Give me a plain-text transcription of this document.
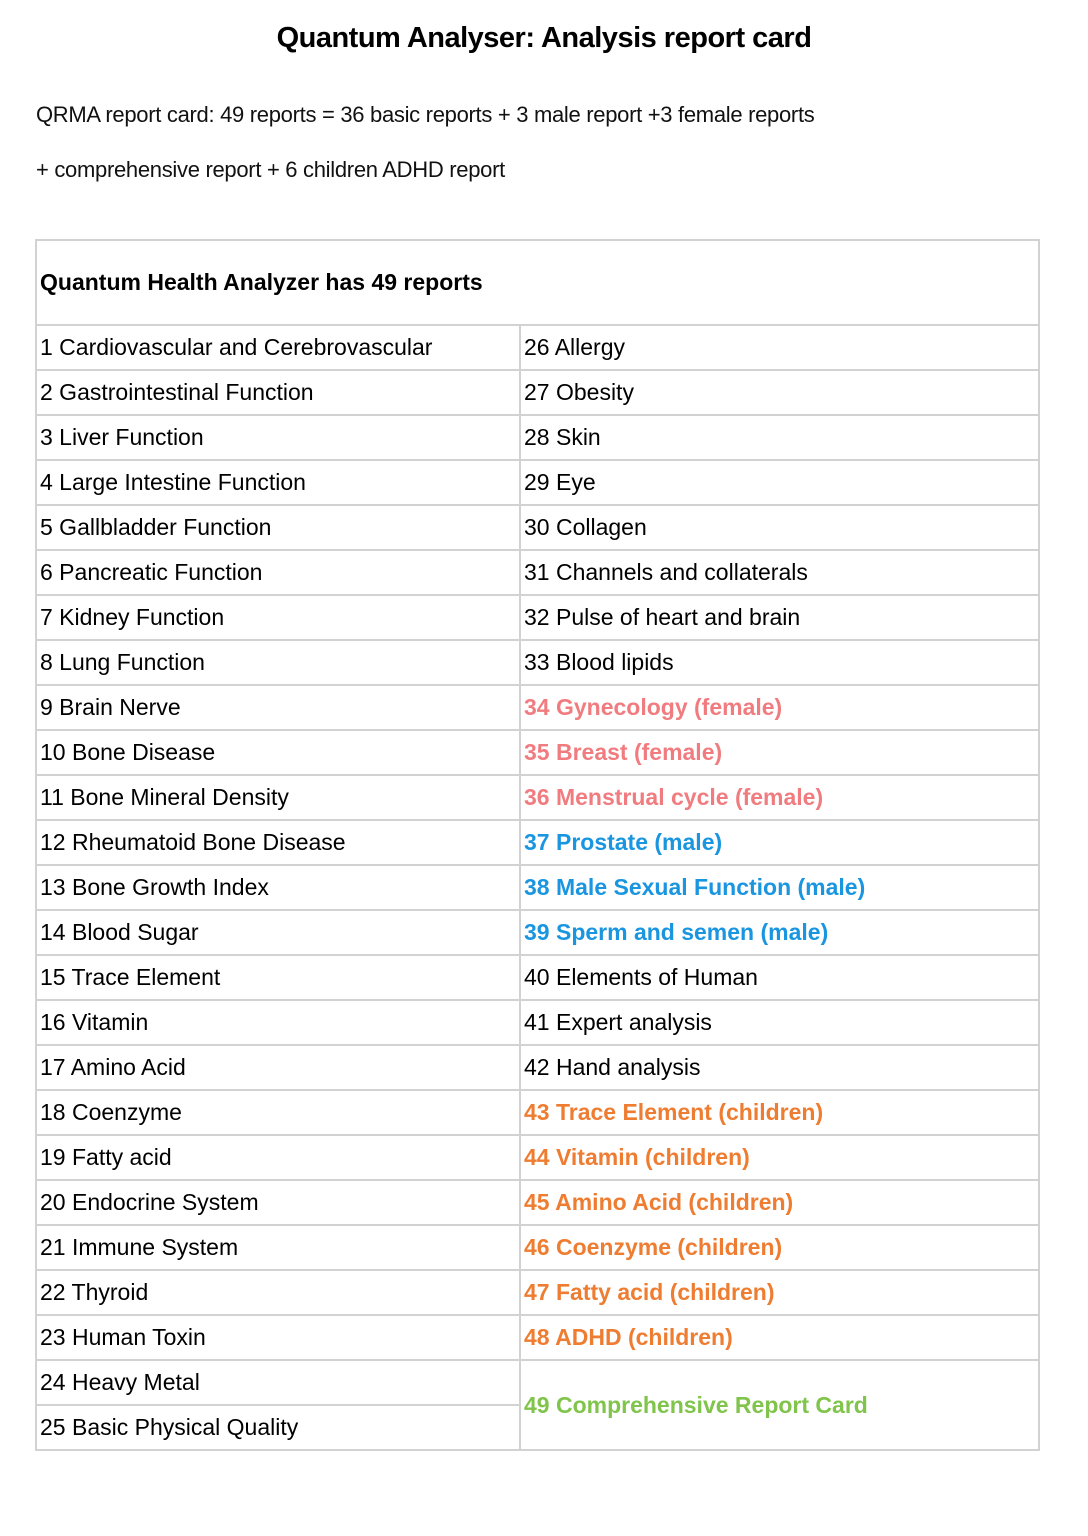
Quantum Analyser: Analysis report card
QRMA report card: 49 reports = 36 basic reports + 3 male report +3 female reports
+ comprehensive report + 6 children ADHD report
Quantum Health Analyzer has 49 reports	
1 Cardiovascular and Cerebrovascular	26 Allergy
2 Gastrointestinal Function	27 Obesity
3 Liver Function	28 Skin
4 Large Intestine Function	29 Eye
5 Gallbladder Function	30 Collagen
6 Pancreatic Function	31 Channels and collaterals
7 Kidney Function	32 Pulse of heart and brain
8 Lung Function	33 Blood lipids
9 Brain Nerve	34 Gynecology (female)
10 Bone Disease	35 Breast (female)
11 Bone Mineral Density	36 Menstrual cycle (female)
12 Rheumatoid Bone Disease	37 Prostate (male)
13 Bone Growth Index	38 Male Sexual Function (male)
14 Blood Sugar	39 Sperm and semen (male)
15 Trace Element	40 Elements of Human
16 Vitamin	41 Expert analysis
17 Amino Acid	42 Hand analysis
18 Coenzyme	43 Trace Element (children)
19 Fatty acid	44 Vitamin (children)
20 Endocrine System	45 Amino Acid (children)
21 Immune System	46 Coenzyme (children)
22 Thyroid	47 Fatty acid (children)
23 Human Toxin	48 ADHD (children)
24 Heavy Metal	49 Comprehensive Report Card
25 Basic Physical Quality	
